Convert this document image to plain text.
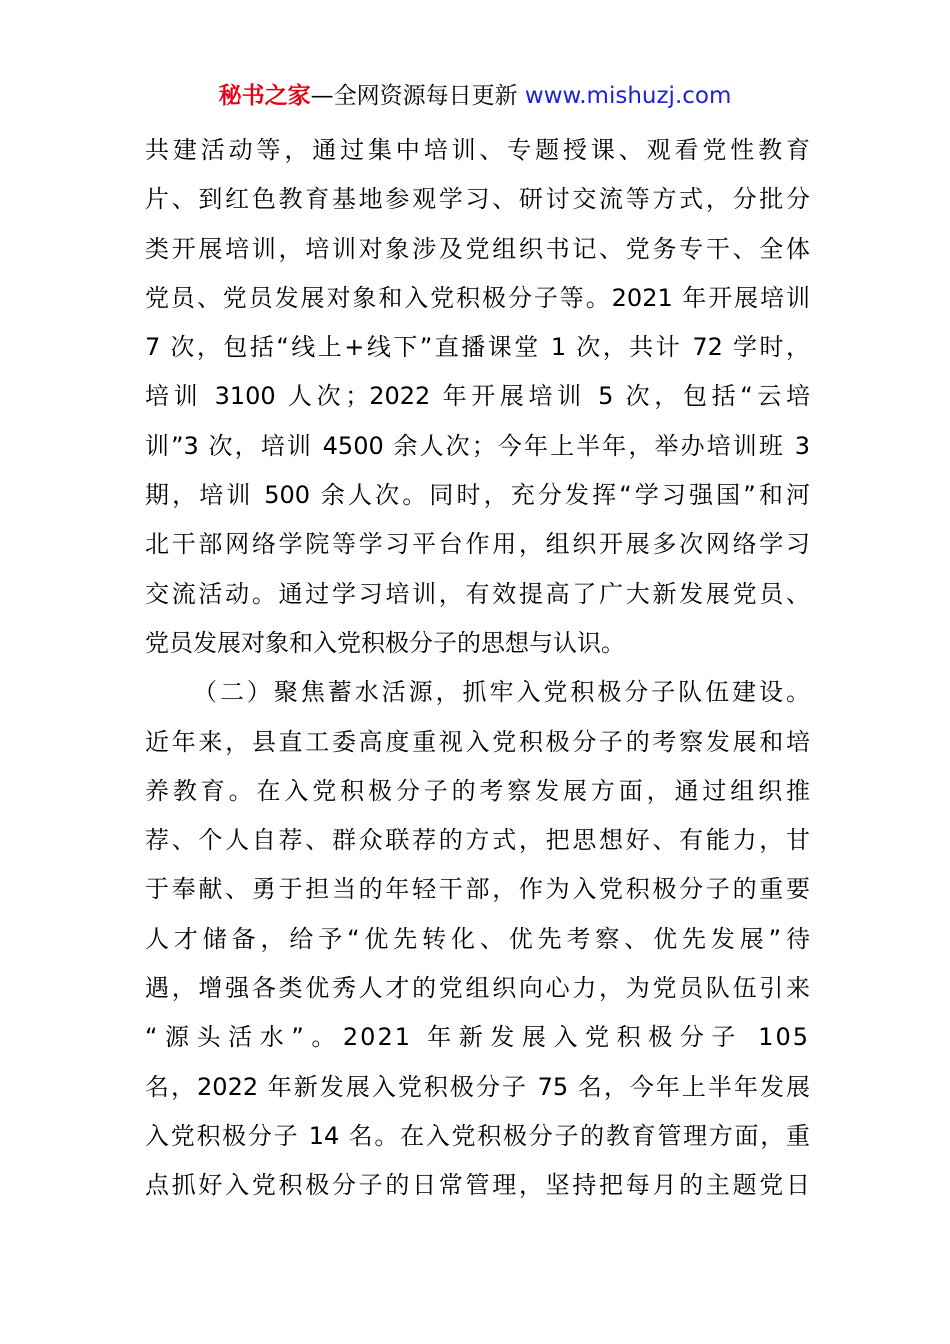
秘书之家—全网资源每日更新 www.mishuzj.com
共建活动等，通过集中培训、专题授课、观看党性教育
片、到红色教育基地参观学习、研讨交流等方式，分批分
类开展培训，培训对象涉及党组织书记、党务专干、全体
党员、党员发展对象和入党积极分子等。2021 年开展培训
7 次，包括“线上+线下”直播课堂 1 次，共计 72 学时，
培训 3100 人次；2022 年开展培训 5 次，包括“云培
训”3 次，培训 4500 余人次；今年上半年，举办培训班 3
期，培训 500 余人次。同时，充分发挥“学习强国”和河
北干部网络学院等学习平台作用，组织开展多次网络学习
交流活动。通过学习培训，有效提高了广大新发展党员、
党员发展对象和入党积极分子的思想与认识。
（二）聚焦蓄水活源，抓牢入党积极分子队伍建设。
近年来，县直工委高度重视入党积极分子的考察发展和培
养教育。在入党积极分子的考察发展方面，通过组织推
荐、个人自荐、群众联荐的方式，把思想好、有能力，甘
于奉献、勇于担当的年轻干部，作为入党积极分子的重要
人才储备，给予“优先转化、优先考察、优先发展”待
遇，增强各类优秀人才的党组织向心力，为党员队伍引来
“源头活水”。2021 年新发展入党积极分子 105
名，2022 年新发展入党积极分子 75 名，今年上半年发展
入党积极分子 14 名。在入党积极分子的教育管理方面，重
点抓好入党积极分子的日常管理，坚持把每月的主题党日
